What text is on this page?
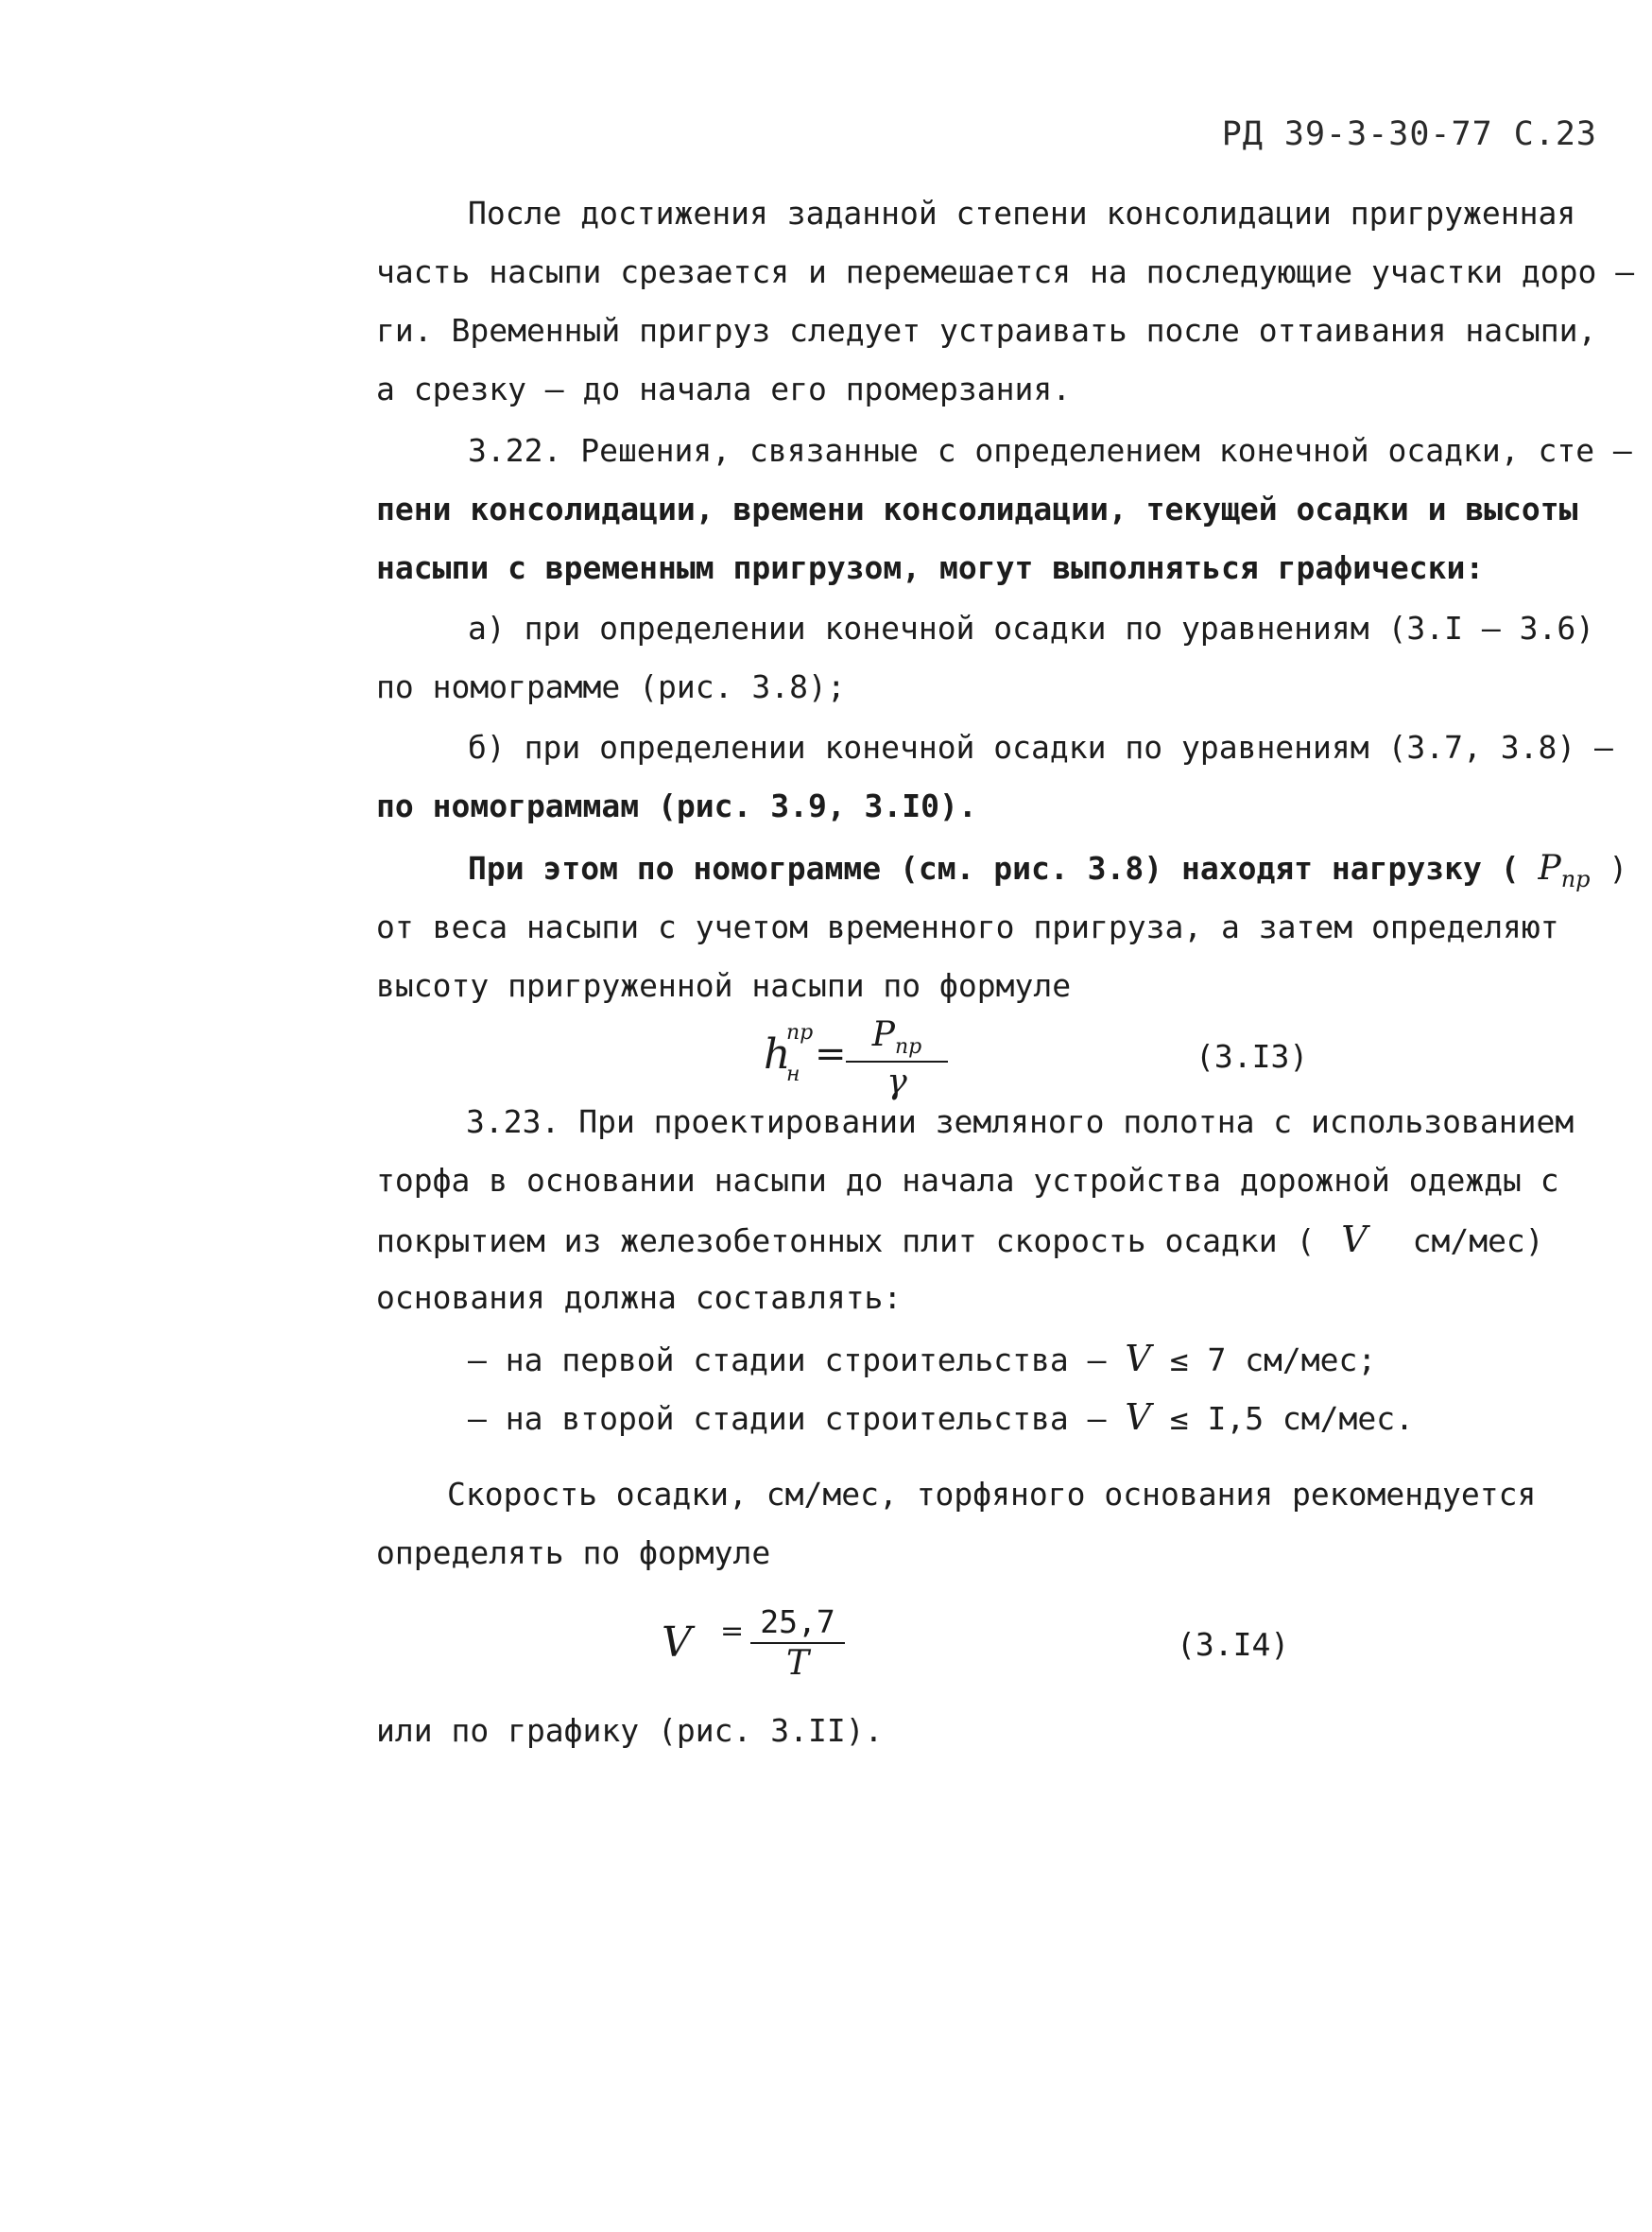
РД 39-3-30-77 С.23
После достижения заданной степени консолидации пригруженная
часть насыпи срезается и перемешается на последующие участки доро –
ги. Временный пригруз следует устраивать после оттаивания насыпи,
а срезку – до начала его промерзания.
3.22. Решения, связанные с определением конечной осадки, сте –
пени консолидации, времени консолидации, текущей осадки и высоты
насыпи с временным пригрузом, могут выполняться графически:
а) при определении конечной осадки по уравнениям (3.I – 3.6)
по номограмме (рис. 3.8);
б) при определении конечной осадки по уравнениям (3.7, 3.8) –
по номограммам (рис. 3.9, 3.I0).
При этом по номограмме (см. рис. 3.8) находят нагрузку ( $P_{пр}$ )
от веса насыпи с учетом временного пригруза, а затем определяют
высоту пригруженной насыпи по формуле
h
пр
$н = P_{пр}$
γ
(3.I3)
3.23. При проектировании земляного полотна с использованием
торфа в основании насыпи до начала устройства дорожной одежды с
покрытием из железобетонных плит скорость осадки ( V см/мес)
основания должна составлять:
– на первой стадии строительства – V ≤ 7 см/мес;
– на второй стадии строительства – V ≤ I,5 см/мес.
Скорость осадки, см/мес, торфяного основания рекомендуется
определять по формуле
$V = \frac{25,7}{T}$	(3.I4)
или по графику (рис. 3.II).
